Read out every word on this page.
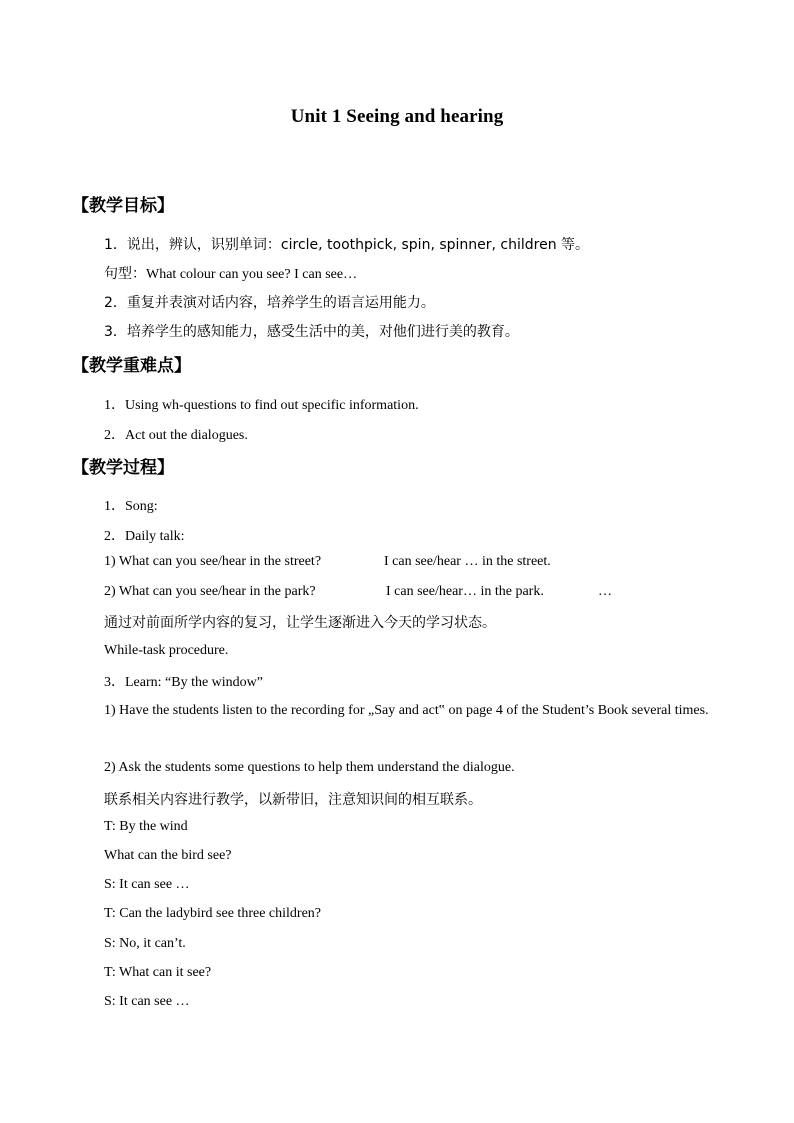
Unit 1 Seeing and hearing
【教学目标】
1．说出，辨认，识别单词：circle, toothpick, spin, spinner, children 等。
句型：What colour can you see? I can see…
2．重复并表演对话内容，培养学生的语言运用能力。
3．培养学生的感知能力，感受生活中的美，对他们进行美的教育。
【教学重难点】
1．Using wh-questions to find out specific information.
2．Act out the dialogues.
【教学过程】
1．Song:
2．Daily talk:
1) What can you see/hear in the street?	I can see/hear … in the street.
2) What can you see/hear in the park?	I can see/hear… in the park.	…
通过对前面所学内容的复习，让学生逐渐进入今天的学习状态。
While-task procedure.
3．Learn: “By the window”
1) Have the students listen to the recording for „Say and act‟ on page 4 of the Student’s Book several times.
2) Ask the students some questions to help them understand the dialogue.
联系相关内容进行教学，以新带旧，注意知识间的相互联系。
T: By the wind
What can the bird see?
S: It can see …
T: Can the ladybird see three children?
S: No, it can’t.
T: What can it see?
S: It can see …
